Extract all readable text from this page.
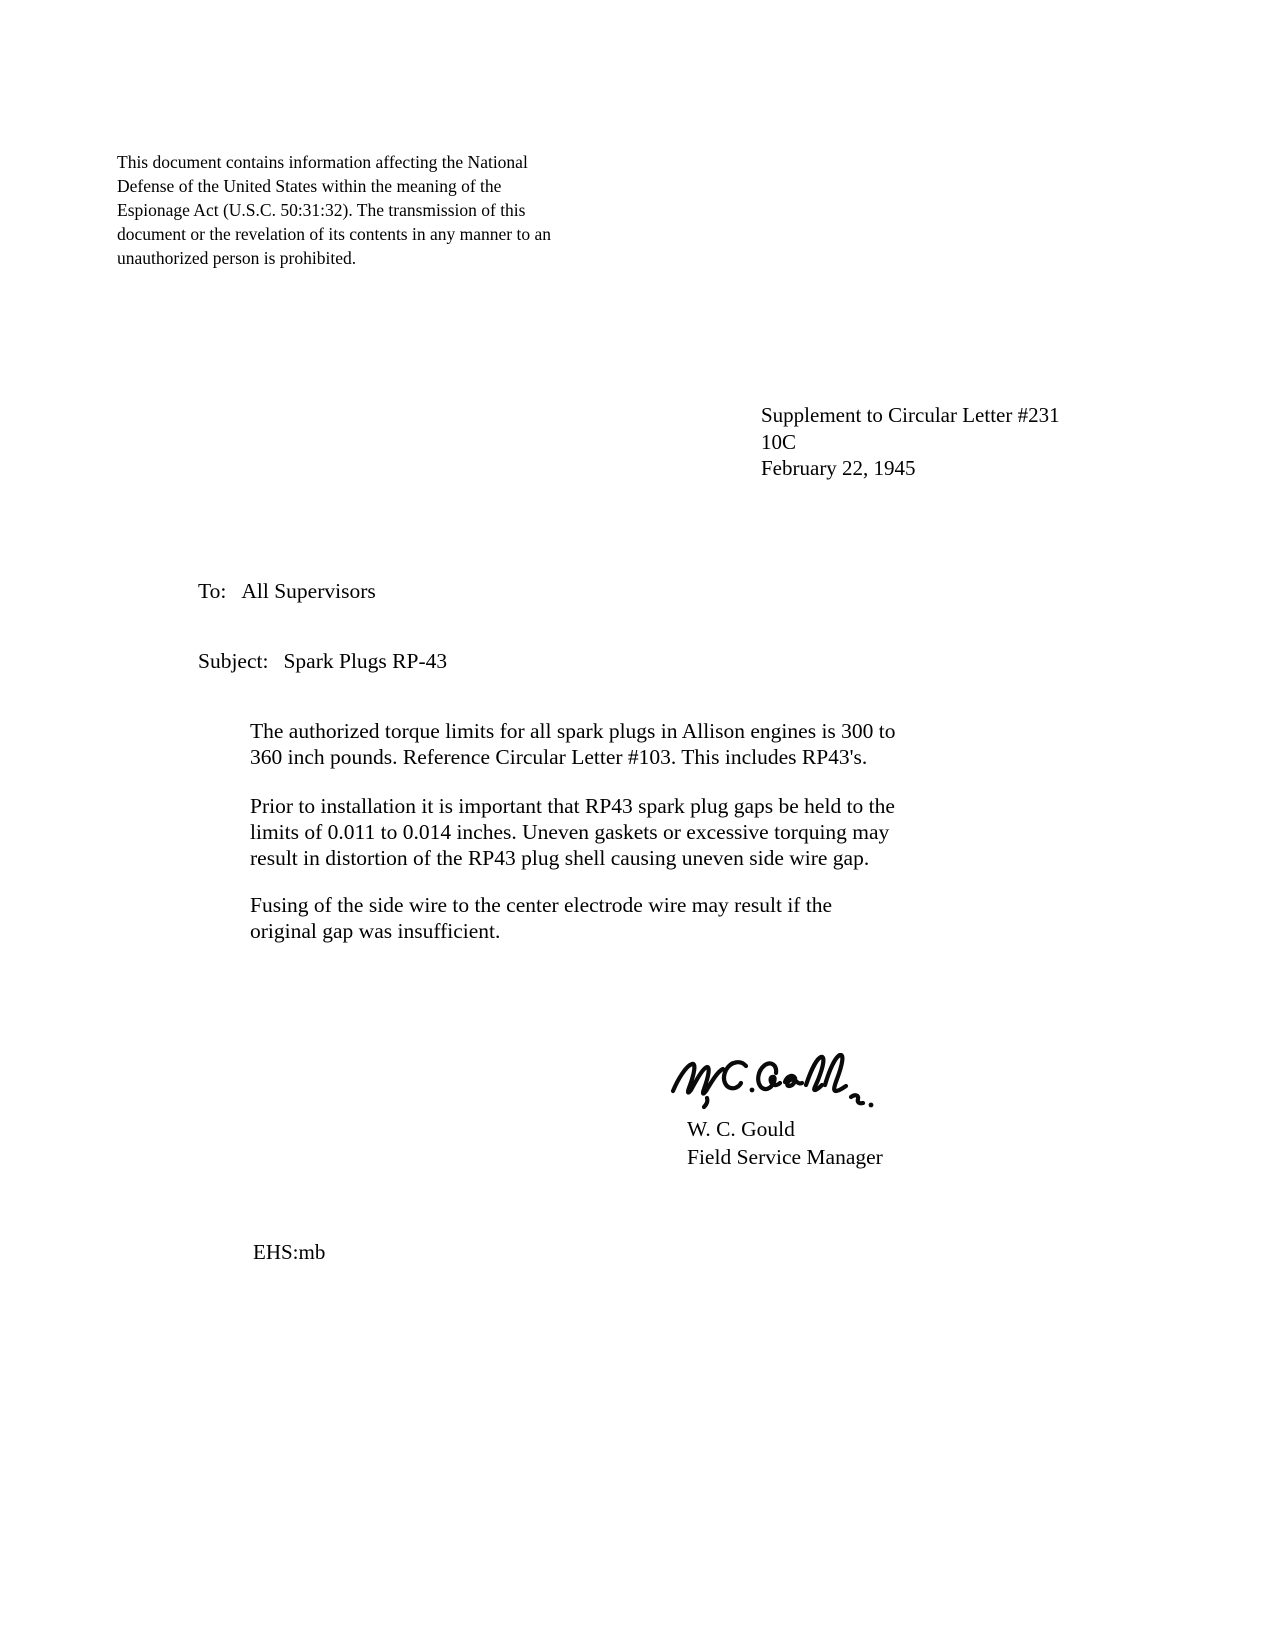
This document contains information affecting the National
Defense of the United States within the meaning of the
Espionage Act (U.S.C. 50:31:32). The transmission of this
document or the revelation of its contents in any manner to an
unauthorized person is prohibited.
Supplement to Circular Letter #231
10C
February 22, 1945
To: All Supervisors
Subject: Spark Plugs RP-43
The authorized torque limits for all spark plugs in Allison engines is 300 to
360 inch pounds. Reference Circular Letter #103. This includes RP43's.
Prior to installation it is important that RP43 spark plug gaps be held to the
limits of 0.011 to 0.014 inches. Uneven gaskets or excessive torquing may
result in distortion of the RP43 plug shell causing uneven side wire gap.
Fusing of the side wire to the center electrode wire may result if the
original gap was insufficient.
W. C. Gould
Field Service Manager
EHS:mb
